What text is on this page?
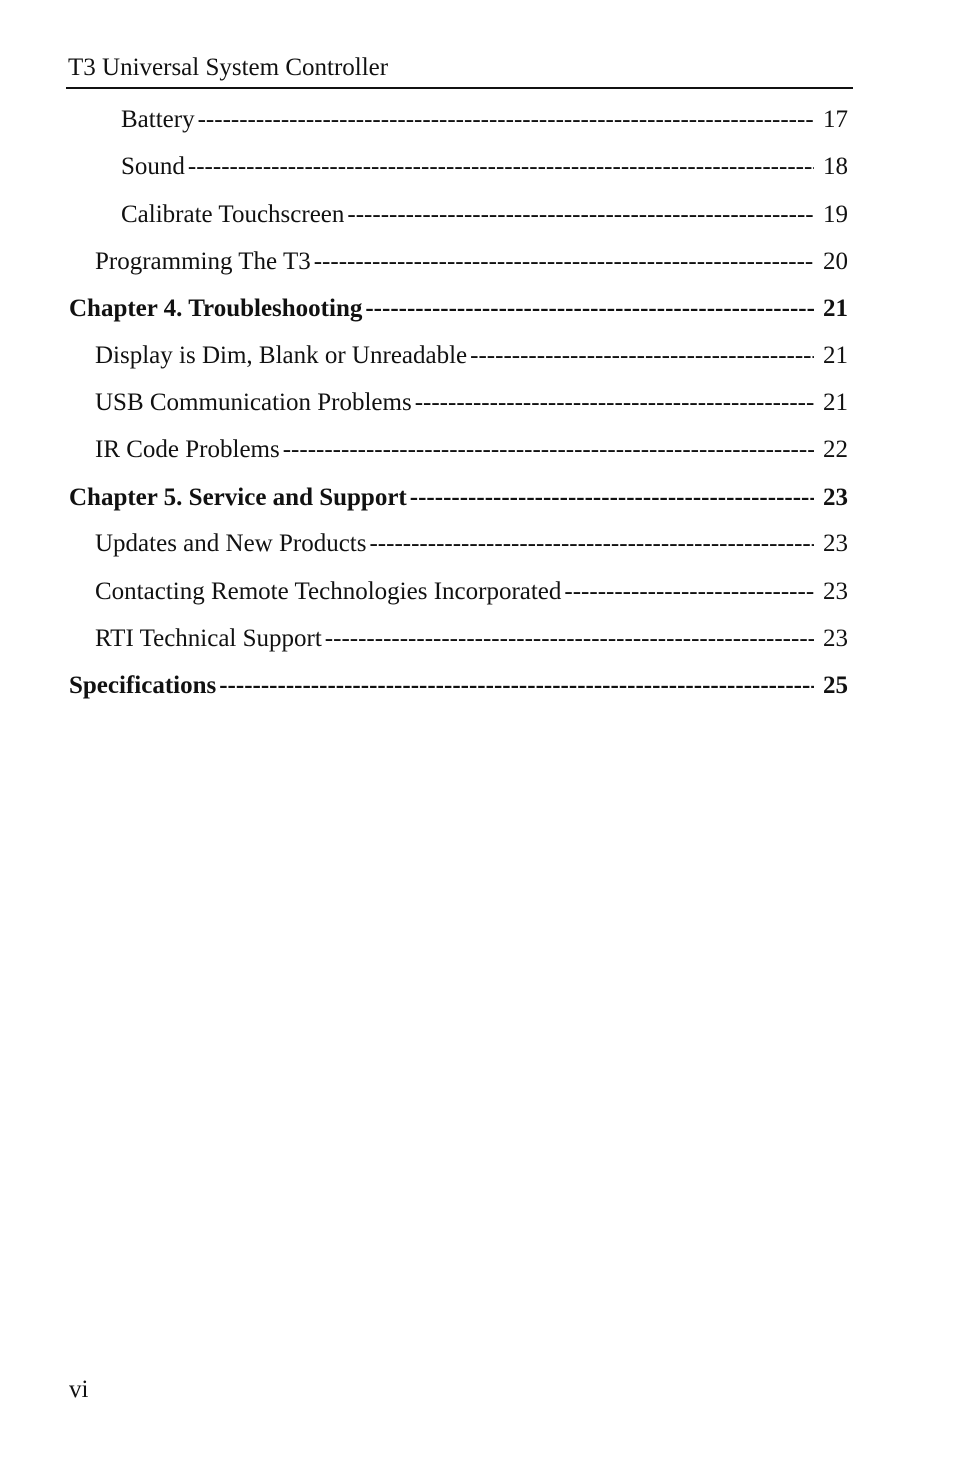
T3 Universal System Controller
Battery -----	17
Sound -----	18
Calibrate Touchscreen -----	19
Programming The T3 -----	20
Chapter 4. Troubleshooting -----	21
Display is Dim, Blank or Unreadable -----	21
USB Communication Problems -----	21
IR Code Problems -----	22
Chapter 5. Service and Support -----	23
Updates and New Products -----	23
Contacting Remote Technologies Incorporated -----	23
RTI Technical Support -----	23
Specifications -----	25
vi
